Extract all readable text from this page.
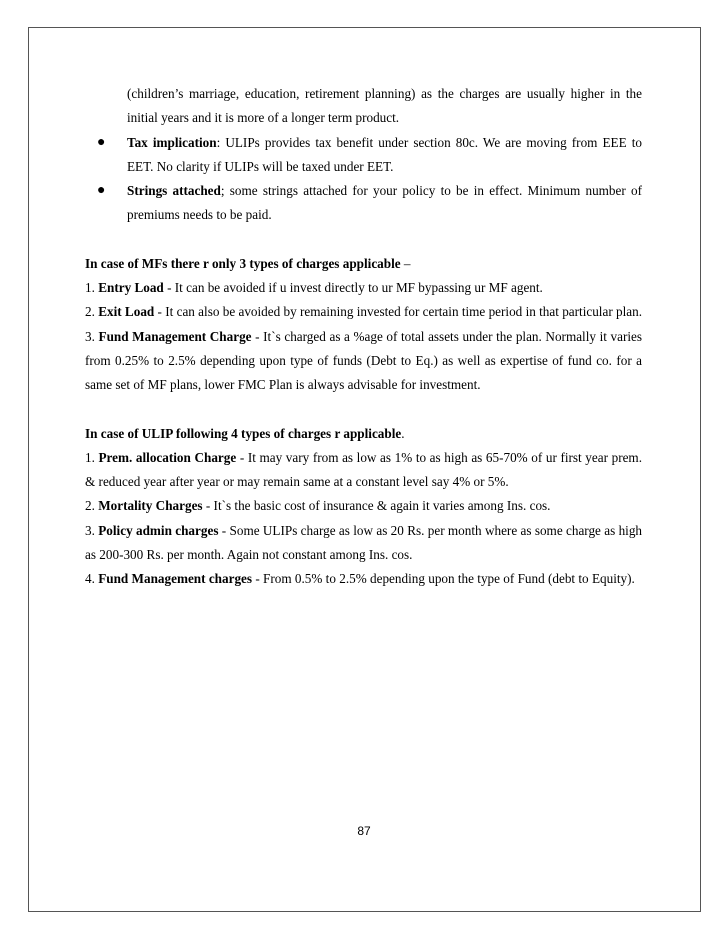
(children’s marriage, education, retirement planning) as the charges are usually higher in the initial years and it is more of a longer term product.
● Tax implication: ULIPs provides tax benefit under section 80c. We are moving from EEE to EET. No clarity if ULIPs will be taxed under EET.
● Strings attached; some strings attached for your policy to be in effect. Minimum number of premiums needs to be paid.
In case of MFs there r only 3 types of charges applicable –
1. Entry Load - It can be avoided if u invest directly to ur MF bypassing ur MF agent.
2. Exit Load - It can also be avoided by remaining invested for certain time period in that particular plan.
3. Fund Management Charge - It`s charged as a %age of total assets under the plan. Normally it varies from 0.25% to 2.5% depending upon type of funds (Debt to Eq.) as well as expertise of fund co. for a same set of MF plans, lower FMC Plan is always advisable for investment.
In case of ULIP following 4 types of charges r applicable.
1. Prem. allocation Charge - It may vary from as low as 1% to as high as 65-70% of ur first year prem. & reduced year after year or may remain same at a constant level say 4% or 5%.
2. Mortality Charges - It`s the basic cost of insurance & again it varies among Ins. cos.
3. Policy admin charges - Some ULIPs charge as low as 20 Rs. per month where as some charge as high as 200-300 Rs. per month. Again not constant among Ins. cos.
4. Fund Management charges - From 0.5% to 2.5% depending upon the type of Fund (debt to Equity).
87
